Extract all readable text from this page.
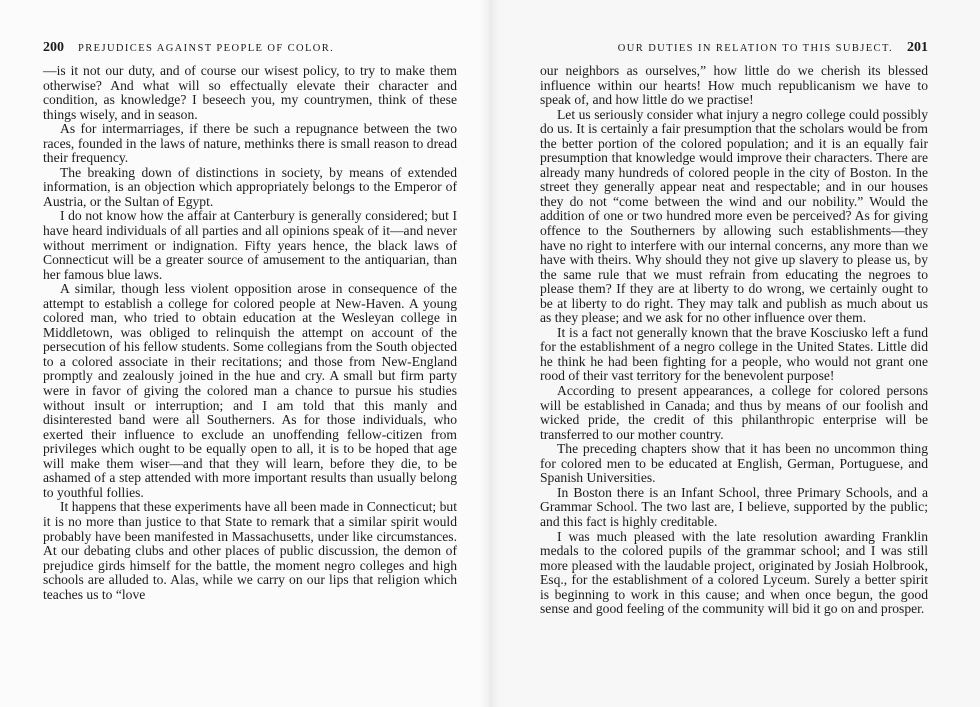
200 PREJUDICES AGAINST PEOPLE OF COLOR.

—is it not our duty, and of course our wisest policy, to try to make them otherwise? And what will so effectually elevate their character and condition, as knowledge? I beseech you, my countrymen, think of these things wisely, and in season.

As for intermarriages, if there be such a repugnance between the two races, founded in the laws of nature, methinks there is small reason to dread their frequency.

The breaking down of distinctions in society, by means of extended information, is an objection which appropriately belongs to the Emperor of Austria, or the Sultan of Egypt.

I do not know how the affair at Canterbury is generally considered; but I have heard individuals of all parties and all opinions speak of it—and never without merriment or indignation. Fifty years hence, the black laws of Connecticut will be a greater source of amusement to the antiquarian, than her famous blue laws.

A similar, though less violent opposition arose in consequence of the attempt to establish a college for colored people at New-Haven. A young colored man, who tried to obtain education at the Wesleyan college in Middletown, was obliged to relinquish the attempt on account of the persecution of his fellow students. Some collegians from the South objected to a colored associate in their recitations; and those from New-England promptly and zealously joined in the hue and cry. A small but firm party were in favor of giving the colored man a chance to pursue his studies without insult or interruption; and I am told that this manly and disinterested band were all Southerners. As for those individuals, who exerted their influence to exclude an unoffending fellow-citizen from privileges which ought to be equally open to all, it is to be hoped that age will make them wiser—and that they will learn, before they die, to be ashamed of a step attended with more important results than usually belong to youthful follies.

It happens that these experiments have all been made in Connecticut; but it is no more than justice to that State to remark that a similar spirit would probably have been manifested in Massachusetts, under like circumstances. At our debating clubs and other places of public discussion, the demon of prejudice girds himself for the battle, the moment negro colleges and high schools are alluded to. Alas, while we carry on our lips that religion which teaches us to “love

OUR DUTIES IN RELATION TO THIS SUBJECT. 201

our neighbors as ourselves,” how little do we cherish its blessed influence within our hearts! How much republicanism we have to speak of, and how little do we practise!

Let us seriously consider what injury a negro college could possibly do us. It is certainly a fair presumption that the scholars would be from the better portion of the colored population; and it is an equally fair presumption that knowledge would improve their characters. There are already many hundreds of colored people in the city of Boston. In the street they generally appear neat and respectable; and in our houses they do not “come between the wind and our nobility.” Would the addition of one or two hundred more even be perceived? As for giving offence to the Southerners by allowing such establishments—they have no right to interfere with our internal concerns, any more than we have with theirs. Why should they not give up slavery to please us, by the same rule that we must refrain from educating the negroes to please them? If they are at liberty to do wrong, we certainly ought to be at liberty to do right. They may talk and publish as much about us as they please; and we ask for no other influence over them.

It is a fact not generally known that the brave Kosciusko left a fund for the establishment of a negro college in the United States. Little did he think he had been fighting for a people, who would not grant one rood of their vast territory for the benevolent purpose!

According to present appearances, a college for colored persons will be established in Canada; and thus by means of our foolish and wicked pride, the credit of this philanthropic enterprise will be transferred to our mother country.

The preceding chapters show that it has been no uncommon thing for colored men to be educated at English, German, Portuguese, and Spanish Universities.

In Boston there is an Infant School, three Primary Schools, and a Grammar School. The two last are, I believe, supported by the public; and this fact is highly creditable.

I was much pleased with the late resolution awarding Franklin medals to the colored pupils of the grammar school; and I was still more pleased with the laudable project, originated by Josiah Holbrook, Esq., for the establishment of a colored Lyceum. Surely a better spirit is beginning to work in this cause; and when once begun, the good sense and good feeling of the community will bid it go on and prosper.
